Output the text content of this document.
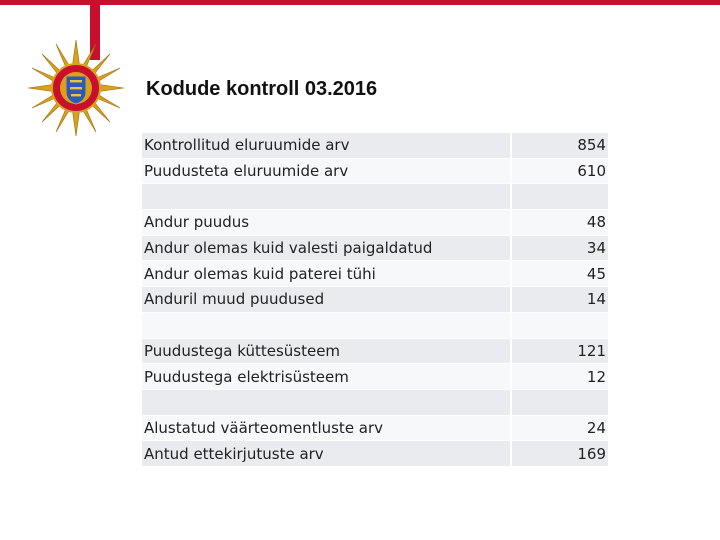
Kodude kontroll 03.2016
Kontrollitud eluruumide arv	854
Puudusteta eluruumide arv	610
Andur puudus	48
Andur olemas kuid valesti paigaldatud	34
Andur olemas kuid paterei tühi	45
Anduril muud puudused	14
Puudustega küttesüsteem	121
Puudustega elektrisüsteem	12
Alustatud väärteomentluste arv	24
Antud ettekirjutuste arv	169
